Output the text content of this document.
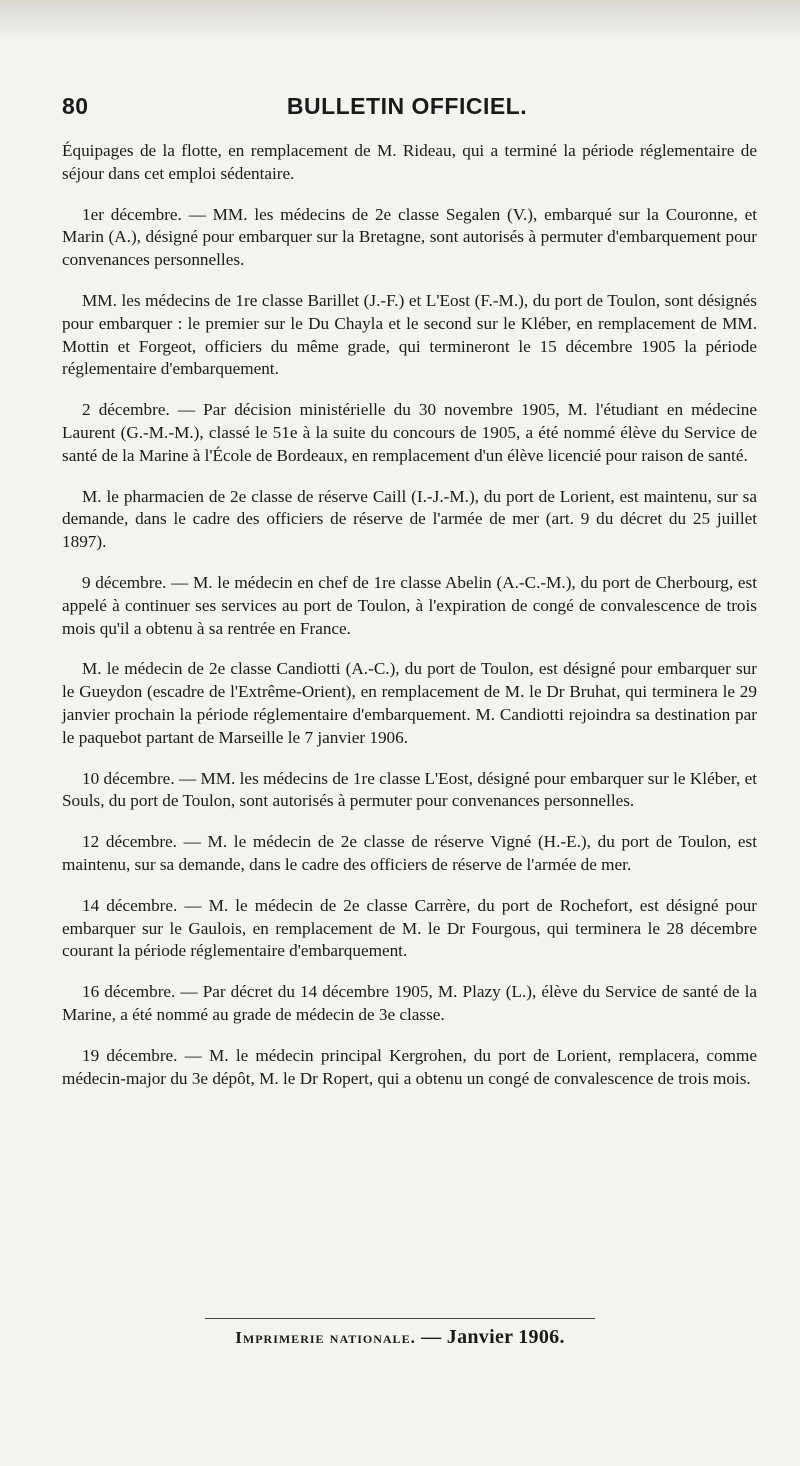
80	BULLETIN OFFICIEL.

Équipages de la flotte, en remplacement de M. Rideau, qui a terminé la période réglementaire de séjour dans cet emploi sédentaire.

1er décembre. — MM. les médecins de 2e classe Segalen (V.), embarqué sur la Couronne, et Marin (A.), désigné pour embarquer sur la Bretagne, sont autorisés à permuter d'embarquement pour convenances personnelles.

MM. les médecins de 1re classe Barillet (J.-F.) et L'Eost (F.-M.), du port de Toulon, sont désignés pour embarquer : le premier sur le Du Chayla et le second sur le Kléber, en remplacement de MM. Mottin et Forgeot, officiers du même grade, qui termineront le 15 décembre 1905 la période réglementaire d'embarquement.

2 décembre. — Par décision ministérielle du 30 novembre 1905, M. l'étudiant en médecine Laurent (G.-M.-M.), classé le 51e à la suite du concours de 1905, a été nommé élève du Service de santé de la Marine à l'École de Bordeaux, en remplacement d'un élève licencié pour raison de santé.

M. le pharmacien de 2e classe de réserve Caill (I.-J.-M.), du port de Lorient, est maintenu, sur sa demande, dans le cadre des officiers de réserve de l'armée de mer (art. 9 du décret du 25 juillet 1897).

9 décembre. — M. le médecin en chef de 1re classe Abelin (A.-C.-M.), du port de Cherbourg, est appelé à continuer ses services au port de Toulon, à l'expiration de congé de convalescence de trois mois qu'il a obtenu à sa rentrée en France.

M. le médecin de 2e classe Candiotti (A.-C.), du port de Toulon, est désigné pour embarquer sur le Gueydon (escadre de l'Extrême-Orient), en remplacement de M. le Dr Bruhat, qui terminera le 29 janvier prochain la période réglementaire d'embarquement. M. Candiotti rejoindra sa destination par le paquebot partant de Marseille le 7 janvier 1906.

10 décembre. — MM. les médecins de 1re classe L'Eost, désigné pour embarquer sur le Kléber, et Souls, du port de Toulon, sont autorisés à permuter pour convenances personnelles.

12 décembre. — M. le médecin de 2e classe de réserve Vigné (H.-E.), du port de Toulon, est maintenu, sur sa demande, dans le cadre des officiers de réserve de l'armée de mer.

14 décembre. — M. le médecin de 2e classe Carrère, du port de Rochefort, est désigné pour embarquer sur le Gaulois, en remplacement de M. le Dr Fourgous, qui terminera le 28 décembre courant la période réglementaire d'embarquement.

16 décembre. — Par décret du 14 décembre 1905, M. Plazy (L.), élève du Service de santé de la Marine, a été nommé au grade de médecin de 3e classe.

19 décembre. — M. le médecin principal Kergrohen, du port de Lorient, remplacera, comme médecin-major du 3e dépôt, M. le Dr Ropert, qui a obtenu un congé de convalescence de trois mois.

Imprimerie nationale. — Janvier 1906.
